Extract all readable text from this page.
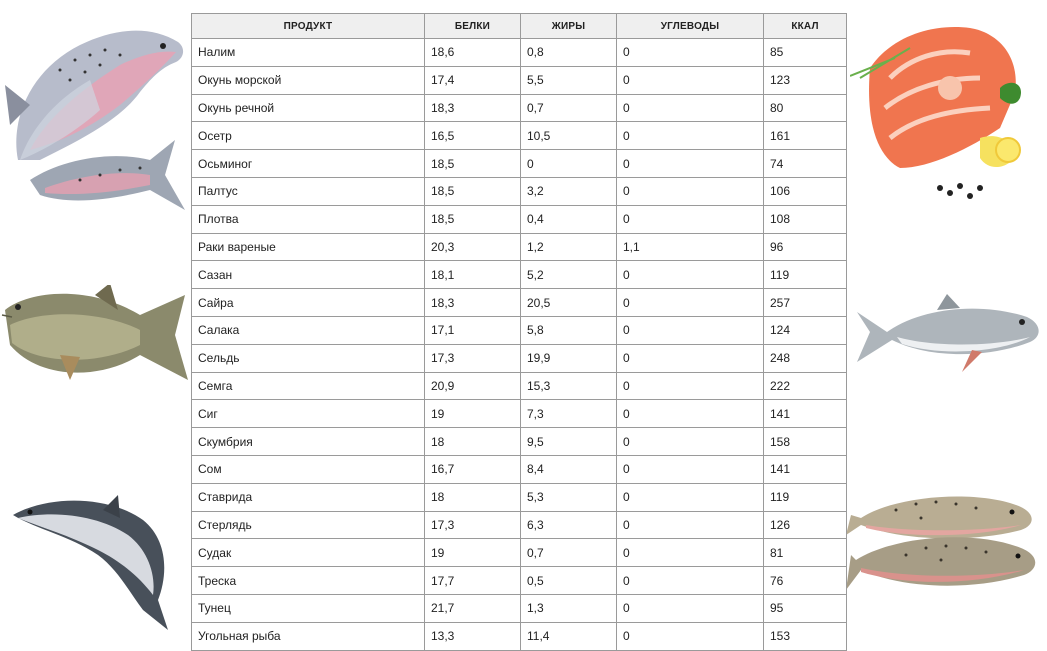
ПРОДУКТ	БЕЛКИ	ЖИРЫ	УГЛЕВОДЫ	ККАЛ
Налим	18,6	0,8	0	85
Окунь морской	17,4	5,5	0	123
Окунь речной	18,3	0,7	0	80
Осетр	16,5	10,5	0	161
Осьминог	18,5	0	0	74
Палтус	18,5	3,2	0	106
Плотва	18,5	0,4	0	108
Раки вареные	20,3	1,2	1,1	96
Сазан	18,1	5,2	0	119
Сайра	18,3	20,5	0	257
Салака	17,1	5,8	0	124
Сельдь	17,3	19,9	0	248
Семга	20,9	15,3	0	222
Сиг	19	7,3	0	141
Скумбрия	18	9,5	0	158
Сом	16,7	8,4	0	141
Ставрида	18	5,3	0	119
Стерлядь	17,3	6,3	0	126
Судак	19	0,7	0	81
Треска	17,7	0,5	0	76
Тунец	21,7	1,3	0	95
Угольная рыба	13,3	11,4	0	153
